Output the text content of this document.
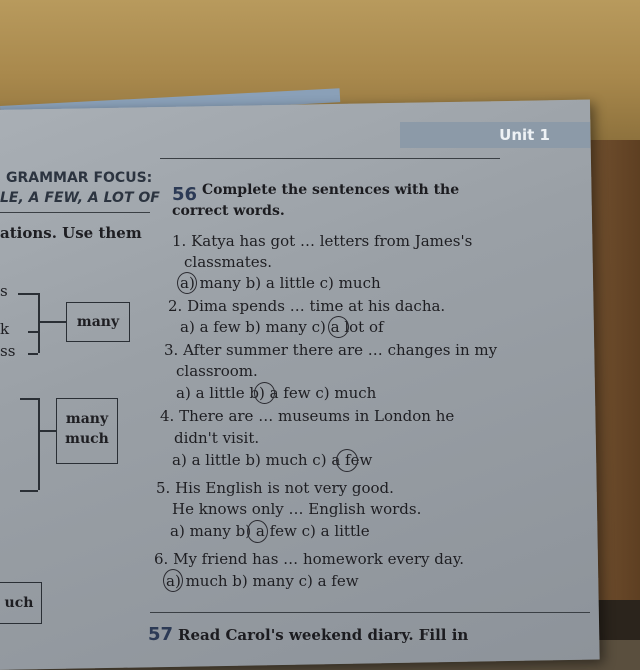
Unit 1
GRAMMAR FOCUS:
LE, A FEW, A LOT OF
ations. Use them
s
k
ss
many
many
much
uch
56 Complete the sentences with the
correct words.
1. Katya has got … letters from James's
classmates.
a) many b) a little c) much
2. Dima spends … time at his dacha.
a) a few b) many c) a lot of
3. After summer there are … changes in my
classroom.
a) a little b) a few c) much
4. There are … museums in London he
didn't visit.
a) a little b) much c) a few
5. His English is not very good.
He knows only … English words.
a) many b) a few c) a little
6. My friend has … homework every day.
a) much b) many c) a few
57 Read Carol's weekend diary. Fill in
